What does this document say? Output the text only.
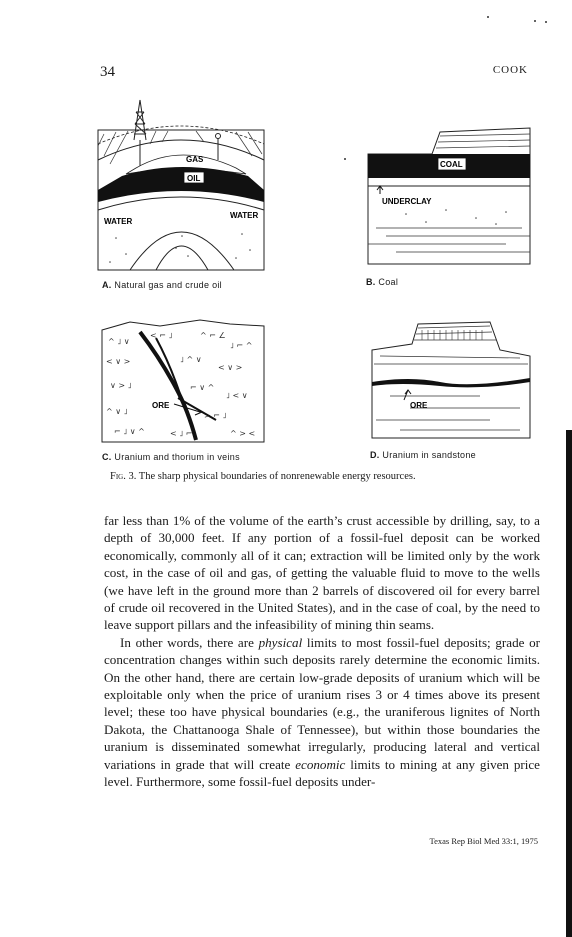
34	COOK
GAS
OIL
WATER
WATER
A. Natural gas and crude oil
COAL
UNDERCLAY
B. Coal
^ ˩ ∨
< ⌐ ˩	^ ⌐ ∠
˩ ⌐ ^
< ∨ >	˩ ^ ∨
< ∨ >
∨ > ˩	⌐ ∨ ^
˩ < ∨
^ ∨ ˩	> ⌐ ˩
⌐ ˩ ∨ ^	< ˩ ⌐	^ > <
ORE
C. Uranium and thorium in veins
ORE
D. Uranium in sandstone
Fig. 3. The sharp physical boundaries of nonrenewable energy resources.

far less than 1% of the volume of the earth’s crust accessible by drilling, say, to a depth of 30,000 feet. If any portion of a fossil-fuel deposit can be worked economically, commonly all of it can; extraction will be limited only by the work cost, in the case of oil and gas, of getting the valuable fluid to move to the wells (we have left in the ground more than 2 barrels of discovered oil for every barrel of crude oil recovered in the United States), and in the case of coal, by the need to leave support pillars and the infeasibility of mining thin seams.

In other words, there are physical limits to most fossil-fuel deposits; grade or concentration changes within such deposits rarely determine the economic limits. On the other hand, there are certain low-grade deposits of uranium which will be exploitable only when the price of uranium rises 3 or 4 times above its present level; these too have physical boundaries (e.g., the uraniferous lignites of North Dakota, the Chattanooga Shale of Tennessee), but within those boundaries the uranium is disseminated somewhat irregularly, producing lateral and vertical variations in grade that will create economic limits to mining at any given price level. Furthermore, some fossil-fuel deposits under-

Texas Rep Biol Med 33:1, 1975
